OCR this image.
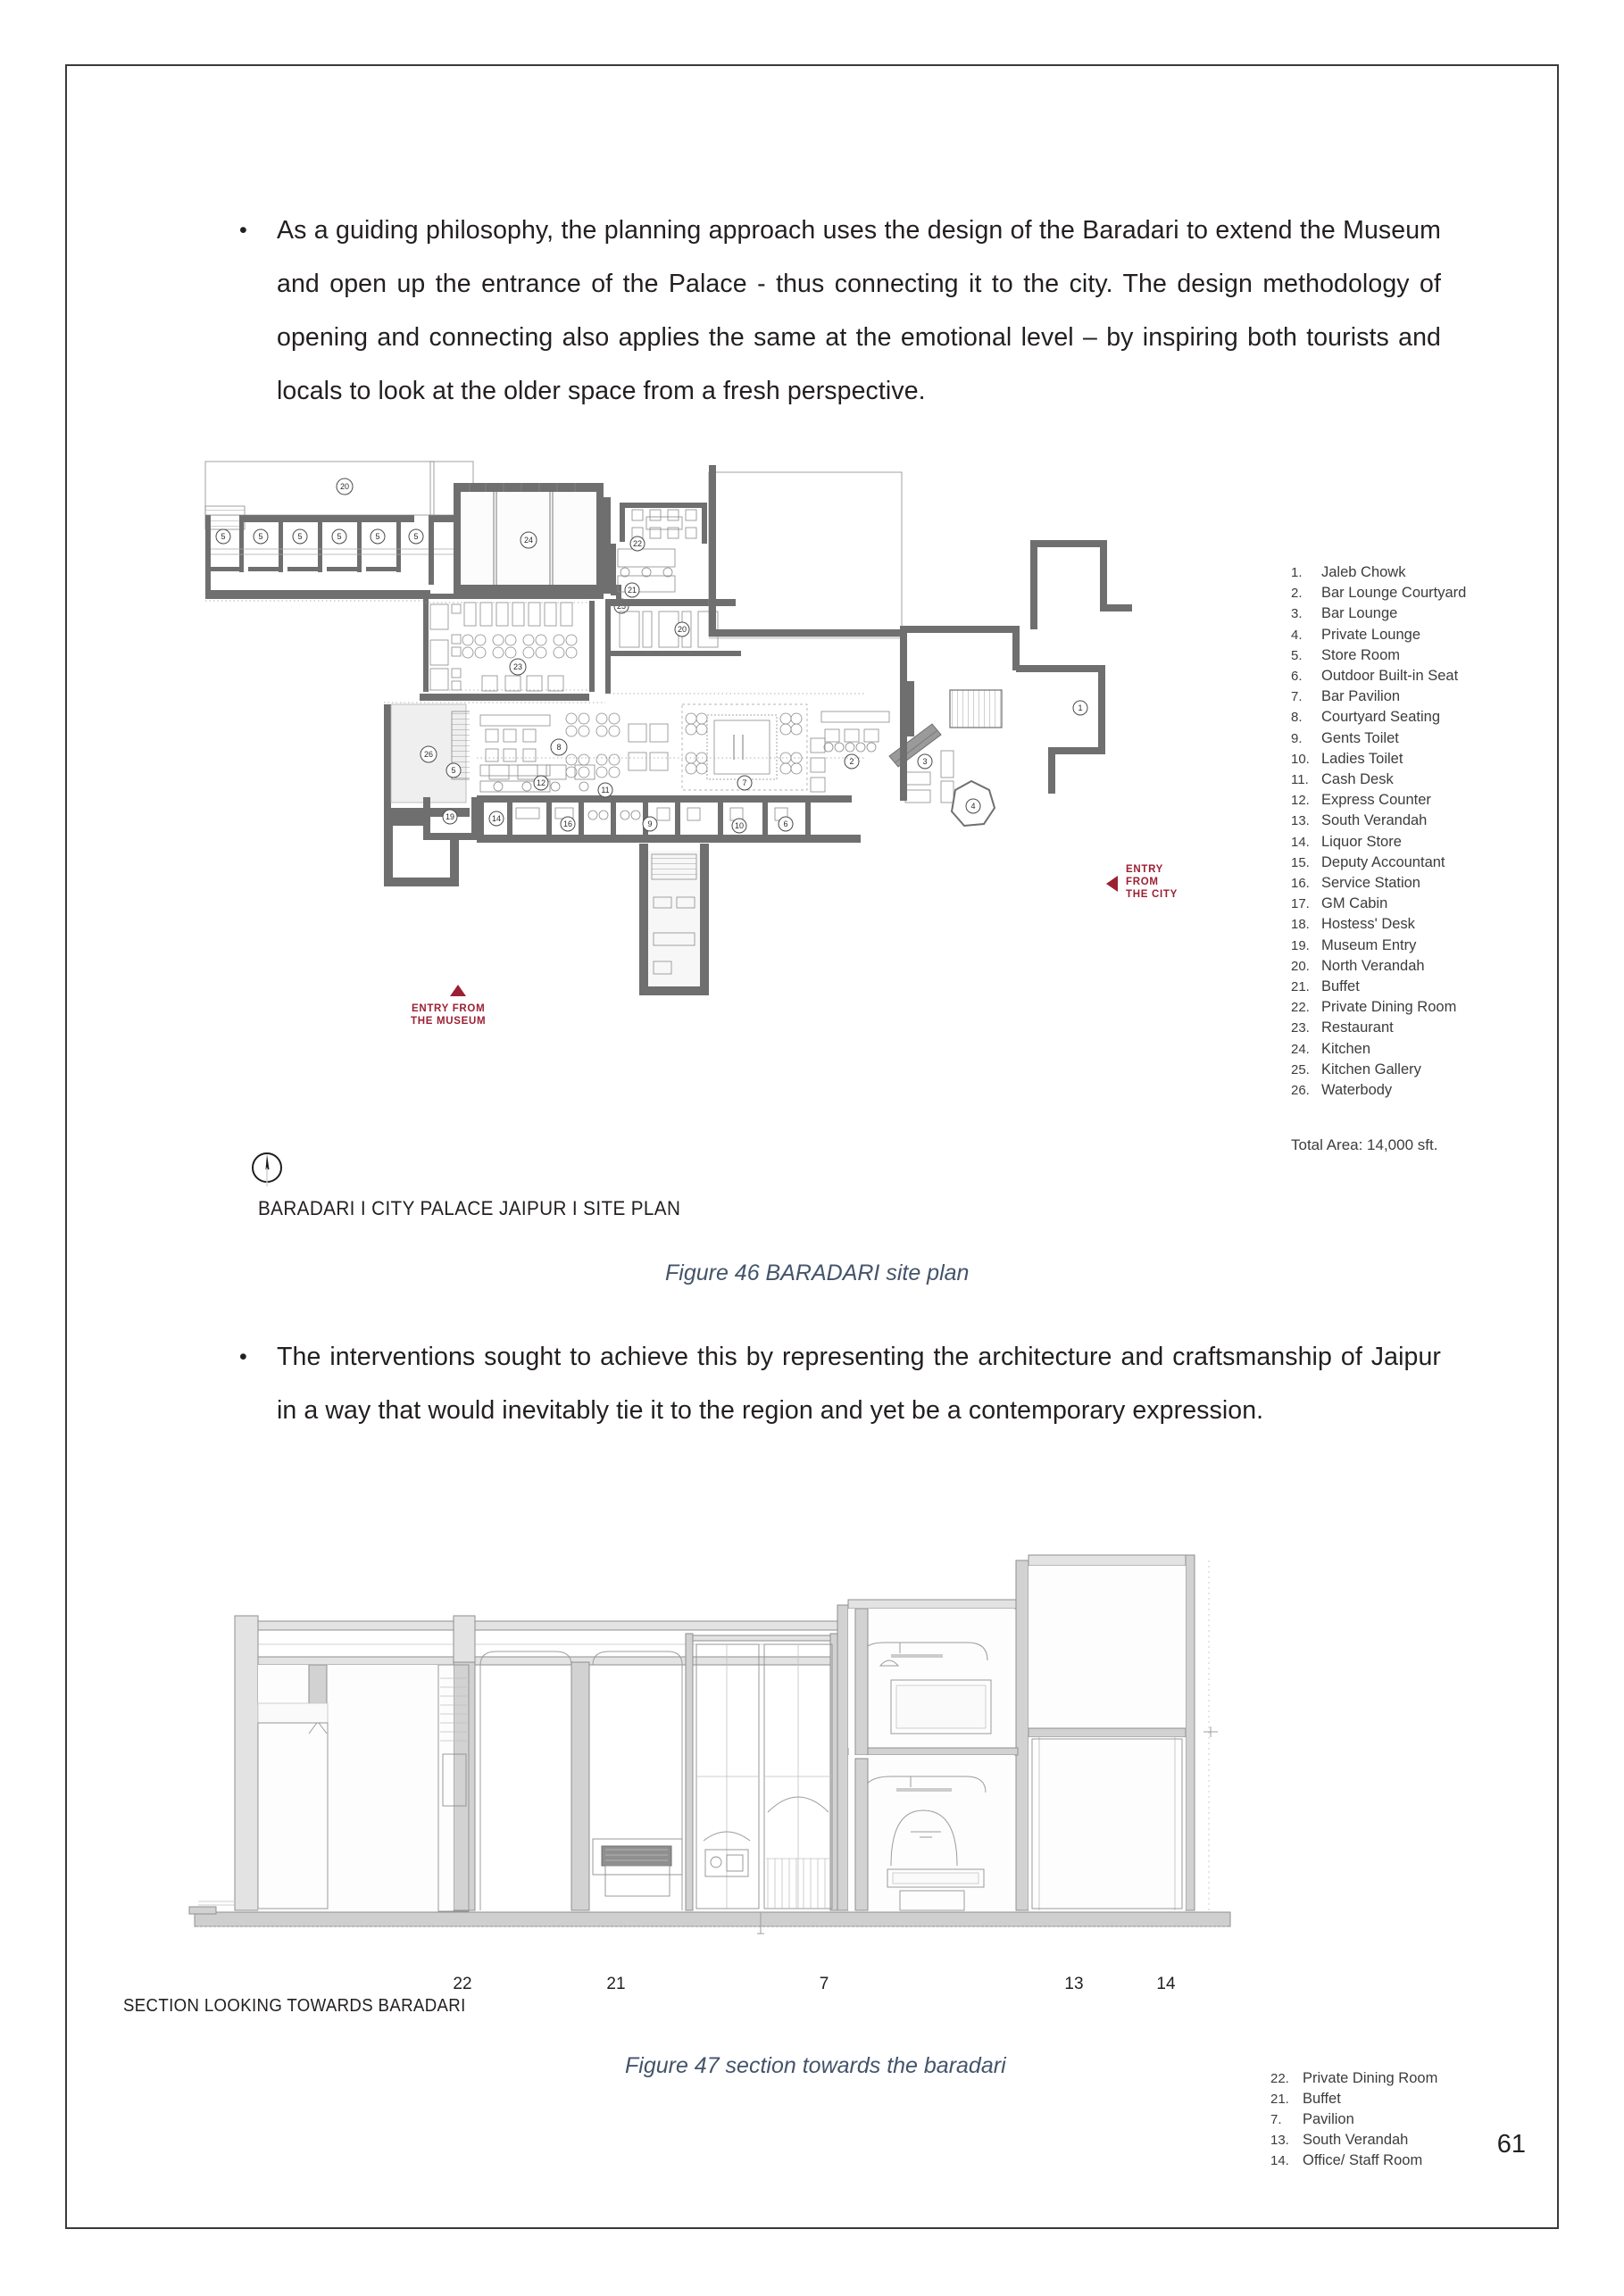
•	As a guiding philosophy, the planning approach uses the design of the Baradari to extend the Museum and open up the entrance of the Palace - thus connecting it to the city. The design methodology of opening and connecting also applies the same at the emotional level – by inspiring both tourists and locals to look at the older space from a fresh perspective.
20
5	5	5	5	5	5	24
23
26
8
20
21
22
7
2	3
4
1
19	14
16	9	10	6
5
12
11
ENTRY
FROM
THE CITY
ENTRY FROM
THE MUSEUM
1.	Jaleb Chowk
2.	Bar Lounge Courtyard
3.	Bar Lounge
4.	Private Lounge
5.	Store Room
6.	Outdoor Built-in Seat
7.	Bar Pavilion
8.	Courtyard Seating
9.	Gents Toilet
10. Ladies Toilet
11. Cash Desk
12. Express Counter
13. South Verandah
14. Liquor Store
15. Deputy Accountant
16. Service Station
17. GM Cabin
18. Hostess' Desk
19. Museum Entry
20. North Verandah
21. Buffet
22. Private Dining Room
23. Restaurant
24. Kitchen
25. Kitchen Gallery
26. Waterbody
Total Area: 14,000 sft.
BARADARI I CITY PALACE JAIPUR I SITE PLAN
Figure 46 BARADARI site plan
•	The interventions sought to achieve this by representing the architecture and craftsmanship of Jaipur in a way that would inevitably tie it to the region and yet be a contemporary expression.
22	21	7	13	14
SECTION LOOKING TOWARDS BARADARI
22. Private Dining Room
21. Buffet
7.	Pavilion
13. South Verandah
14. Office/ Staff Room
Figure 47 section towards the baradari
61
